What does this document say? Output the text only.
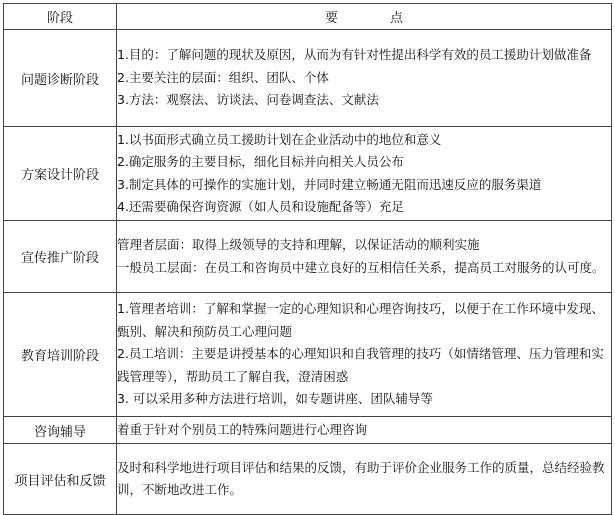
阶段	要 点
问题诊断阶段	1.目的：了解问题的现状及原因，从而为有针对性提出科学有效的员工援助计划做准备
2.主要关注的层面：组织、团队、个体
3.方法：观察法、访谈法、问卷调查法、文献法

方案设计阶段	1.以书面形式确立员工援助计划在企业活动中的地位和意义
2.确定服务的主要目标，细化目标并向相关人员公布
3.制定具体的可操作的实施计划，并同时建立畅通无阻而迅速反应的服务渠道
4.还需要确保咨询资源（如人员和设施配备等）充足

宣传推广阶段	管理者层面：取得上级领导的支持和理解，以保证活动的顺利实施
一般员工层面：在员工和咨询员中建立良好的互相信任关系，提高员工对服务的认可度。

教育培训阶段	1.管理者培训：了解和掌握一定的心理知识和心理咨询技巧，以便于在工作环境中发现、甄别、解决和预防员工心理问题
2.员工培训：主要是讲授基本的心理知识和自我管理的技巧（如情绪管理、压力管理和实践管理等），帮助员工了解自我，澄清困惑
3. 可以采用多种方法进行培训，如专题讲座、团队辅导等

咨询辅导	着重于针对个别员工的特殊问题进行心理咨询

项目评估和反馈	及时和科学地进行项目评估和结果的反馈，有助于评价企业服务工作的质量，总结经验教训，不断地改进工作。
